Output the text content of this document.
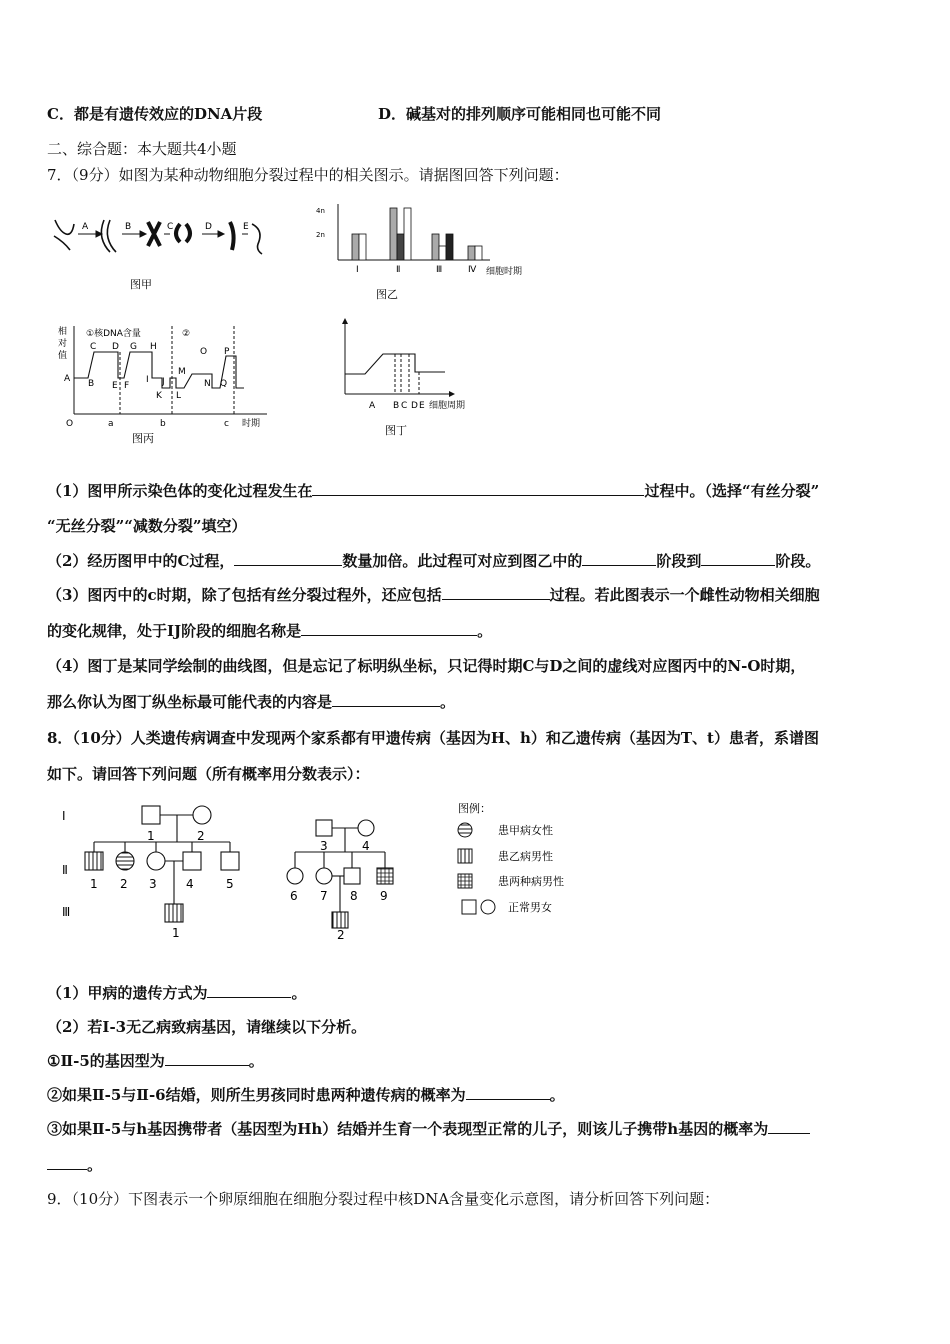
C．都是有遗传效应的DNA片段	D．碱基对的排列顺序可能相同也可能不同
二、综合题：本大题共4小题
7．（9分）如图为某种动物细胞分裂过程中的相关图示。请据图回答下列问题：
A	B	C	D	E
图甲
4n
2n
Ⅰ	Ⅱ	Ⅲ	Ⅳ 细胞时期
图乙
相
对
值
①核DNA含量	②
A B
C D
E F
G H
I J
K L
M
N
O P
Q
O	a	b	c 时期
图丙
A B C D E 细胞周期
图丁
（1）图甲所示染色体的变化过程发生在	过程中。（选择“有丝分裂”
“无丝分裂”“减数分裂”填空）
（2）经历图甲中的C过程，	数量加倍。此过程可对应到图乙中的	阶段到	阶段。
（3）图丙中的c时期，除了包括有丝分裂过程外，还应包括	过程。若此图表示一个雌性动物相关细胞
的变化规律，处于IJ阶段的细胞名称是	。
（4）图丁是某同学绘制的曲线图，但是忘记了标明纵坐标，只记得时期C与D之间的虚线对应图丙中的N-O时期，
那么你认为图丁纵坐标最可能代表的内容是	。
8．（10分）人类遗传病调查中发现两个家系都有甲遗传病（基因为H、h）和乙遗传病（基因为T、t）患者，系谱图
如下。请回答下列问题（所有概率用分数表示）：
Ⅰ
Ⅱ
Ⅲ
1	2
1 2 3 4	5
1
3	4
6 7 8 9
2
图例：
患甲病女性
患乙病男性
患两种病男性
正常男女
（1）甲病的遗传方式为	。
（2）若I-3无乙病致病基因，请继续以下分析。
①Ⅱ-5的基因型为	。
②如果Ⅱ-5与Ⅱ-6结婚，则所生男孩同时患两种遗传病的概率为	。
③如果Ⅱ-5与h基因携带者（基因型为Hh）结婚并生育一个表现型正常的儿子，则该儿子携带h基因的概率为
。
9．（10分）下图表示一个卵原细胞在细胞分裂过程中核DNA含量变化示意图，请分析回答下列问题：
